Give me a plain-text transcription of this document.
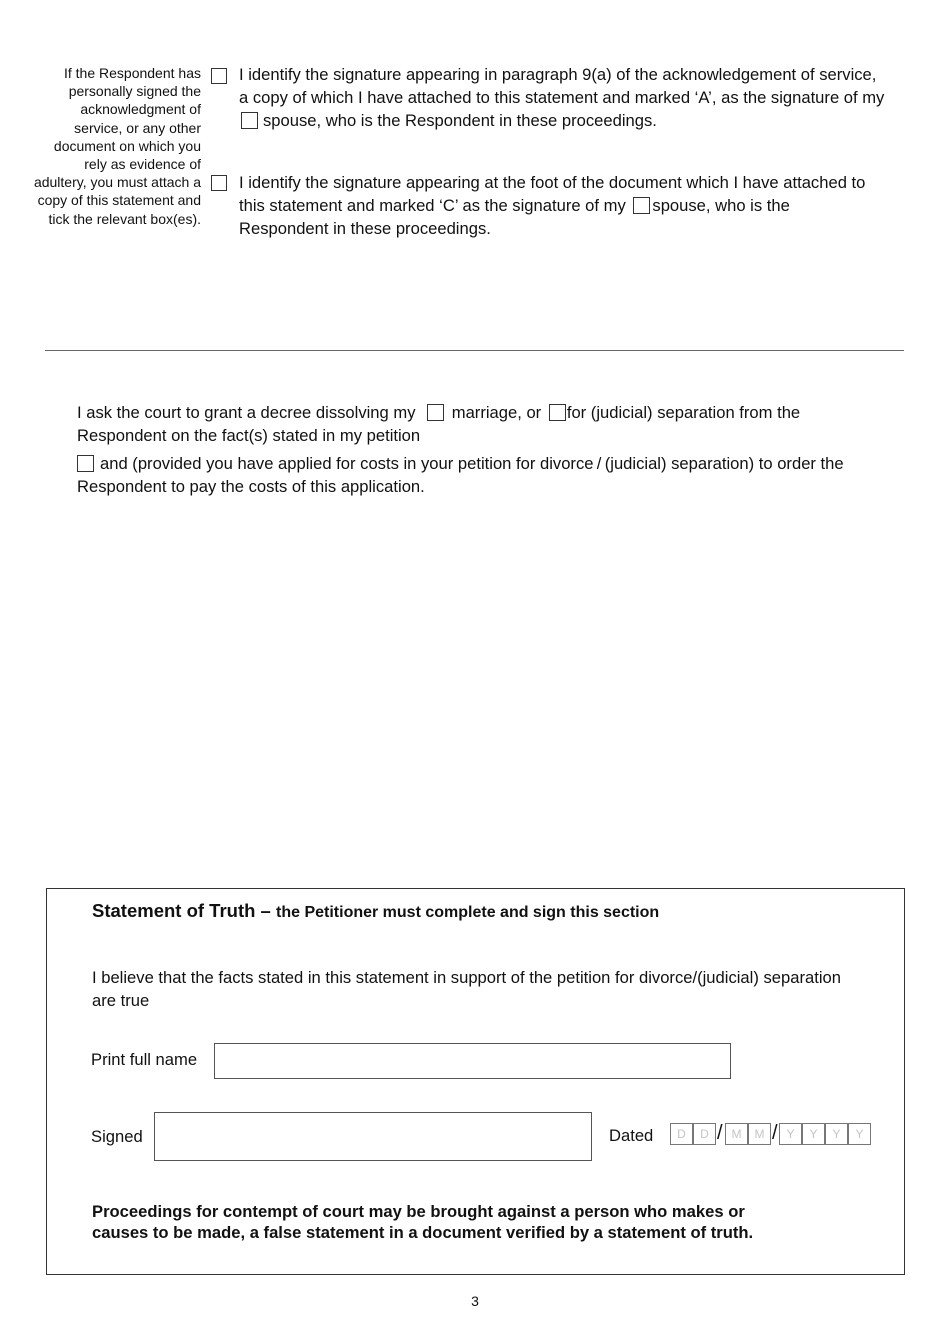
If the Respondent has personally signed the acknowledgment of service, or any other document on which you rely as evidence of adultery, you must attach a copy of this statement and tick the relevant box(es).
I identify the signature appearing in paragraph 9(a) of the acknowledgement of service,
a copy of which I have attached to this statement and marked ‘A’, as the signature of my
spouse, who is the Respondent in these proceedings.
I identify the signature appearing at the foot of the document which I have attached to
this statement and marked ‘C’ as the signature of my spouse, who is the
Respondent in these proceedings.
I ask the court to grant a decree dissolving my marriage, or for (judicial) separation from the
Respondent on the fact(s) stated in my petition
and (provided you have applied for costs in your petition for divorce / (judicial) separation) to order the
Respondent to pay the costs of this application.
Statement of Truth – the Petitioner must complete and sign this section
I believe that the facts stated in this statement in support of the petition for divorce/(judicial) separation
are true
Print full name
Signed	Dated	D	D / M	M / Y	Y	Y	Y
Proceedings for contempt of court may be brought against a person who makes or
causes to be made, a false statement in a document verified by a statement of truth.
3
